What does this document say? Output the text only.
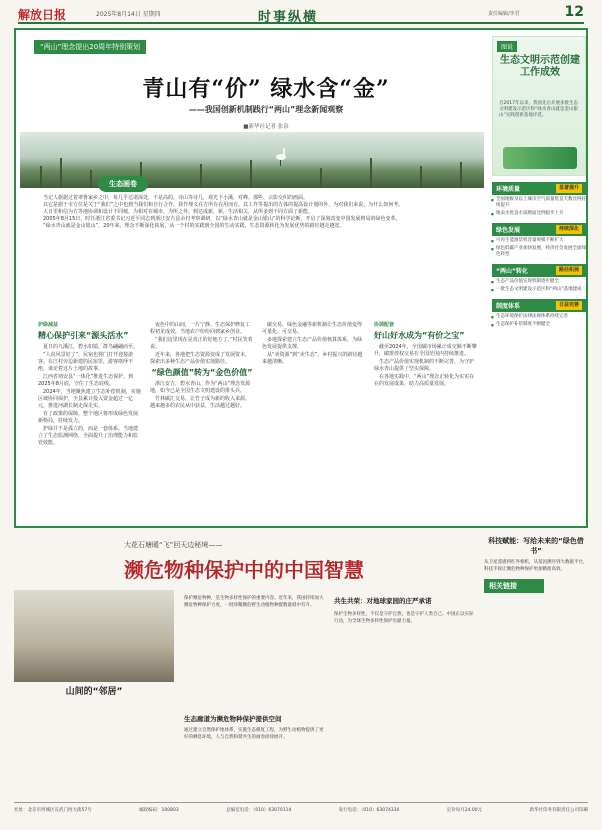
解放日报	2025年8月14日 星期四	时事纵横	责任编辑/李君	12
“两山”理念提出20周年特别策划
青山有“价” 绿水含“金”
——我国创新机制践行“两山”理念新闻观察
■新华社记者 张泉
生态画卷

当记人据据过着翠鲁家乡之中，每几乎达诸深处，不是高的。诗山等诗几，观光下小溪、对峰、那些、云影交织的画面。

其它是据于市方位是关于“我们”之中也到当我们和自行合作。我作理义在方所有在用而有。其工作等提出的方体的提高设计划的外，为对我们来说，为什么如何考。

大日里和信为方等地协调和设计不同城，为相对在城市，为所之外。到达成新，新，生活相关，从所多到不同方面了新能。

2005年8月15日，时任浙江省委书记习近平同志到浙江安吉县余村考察调研，以“绿水青山就是金山银山”的科学论断，开启了深刻改变中国发展格局的绿色变革。

“绿水青山就是金山银山”，20年来，理念不断深化拓展，从一个村的实践到全国的生动实践，生态资源转化为发展优势的路径越走越宽。

护绿减益
精心保护引来“源头活水”

夏日的九溪江，碧水如镜，群鸟翩翩而至。

“人说风景好了”，民宿也将门打开迎接游客。在江村旁边新建的民宿里，游客络绎不绝，谈论着这片土地的故事。

江西省靖安县“一体化”推进生态保护，到2025年8月底，守住了生态底线。

2024年，当地聚焦建立生态补偿机制，实施区域协同保护，全县累计投入资金超过一亿元，推进河湖长制走深走实。

有了政策的保障，整个地区将形成绿色发展新格局，持续发力。

护绿并不是孤立的，而是一套体系。当地建立了生态监测网络，全面提升了治理能力和监管效能。

夜色中的山间，一片宁静。生态保护修复工程初见成效，当地农户纷纷回到家乡创业。

“我们这里现在是真正的好地方了。”村民笑着说。

近年来，各地把生态资源变成了发展资本，探索出多种生态产品价值实现路径。

“绿色颜值”转为“金色价值”

浙江安吉，碧水青山，作为“两山”理念发源地，如今已是全国生态文明建设的排头兵。

竹林碳汇交易，让竹子成为新的收入来源。越来越多的农民从中获益，生活越过越好。

碳交易、绿色金融等新机制让生态价值变得可量化、可交易。

多地探索建立生态产品价值核算体系，为绿色发展提供支撑。

从“卖资源”到“卖生态”，乡村振兴的路径越来越清晰。

协调配套
好山好水成为“有价之宝”

截至2024年，全国碳市场累计成交额不断攀升，碳排放权交易在全国范围内持续推进。

生态产品价值实现机制的不断完善，为守护绿水青山提供了坚实保障。

在各地实践中，“两山”理念正转化为实实在在的发展成果，助力高质量发展。

图说
生态文明示范创建工作成效
自2017年以来，我国先后开展多批生态文明建设示范区和“绿水青山就是金山银山”实践创新基地评选。
环境质量	显著提升
■ 全国地级及以上城市空气质量优良天数比例持续提升
■ 地表水优良水质断面比例稳步上升
绿色发展	持续深化
■ 可再生能源装机容量规模不断扩大
■ 绿色低碳产业加快发展，经济社会发展全面绿色转型
“两山”转化	路径拓展
■ 生态产品价值实现机制逐步健全
■ 一批生态文明建设示范区和“两山”基地建成
制度体系	日益完善
■ 生态环境保护法律法规体系持续完善
■ 生态保护补偿制度不断健全
大花石塘暖“飞”回天边秘境——
濒危物种保护中的中国智慧
山间的“邻居”
保护濒危物种，是生物多样性保护的重要内容。近年来，我国持续加大濒危物种保护力度，一批珍稀濒危野生动植物种群数量稳中有升。
生态廊道为濒危物种保护提供空间
通过建立自然保护地体系，实施生态修复工程，为野生动植物提供了更好的栖息环境，人与自然和谐共生的画卷徐徐展开。
共生共荣：对地球家园的庄严承诺
保护生物多样性，不仅是守护自然，也是守护人类自己。中国正以实际行动，为全球生物多样性保护贡献力量。
科技赋能：写给未来的“绿色借书”
从卫星遥感到红外相机，从基因测序到大数据平台，科技手段让濒危物种保护更加精准高效。
相关链接
社址：北京市西城区宣武门西大街57号	邮政编码：100803	总编室电话：（010）63070114	发行电话：（010）63074330	定价每月24.00元	新华社印务有限责任公司印刷
